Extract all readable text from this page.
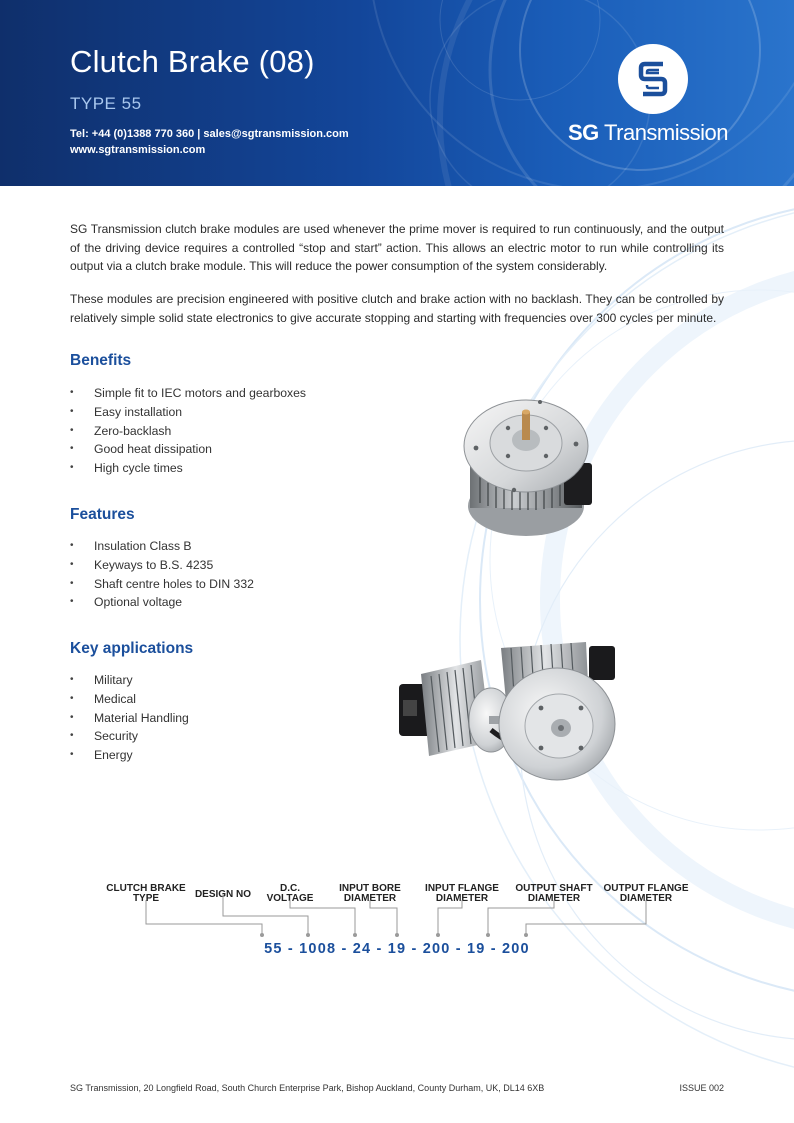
Clutch Brake (08)
TYPE 55
Tel: +44 (0)1388 770 360 | sales@sgtransmission.com
www.sgtransmission.com
SG Transmission

SG Transmission clutch brake modules are used whenever the prime mover is required to run continuously, and the output of the driving device requires a controlled “stop and start” action. This allows an electric motor to run while controlling its output via a clutch brake module. This will reduce the power consumption of the system considerably.

These modules are precision engineered with positive clutch and brake action with no backlash. They can be controlled by relatively simple solid state electronics to give accurate stopping and starting with frequencies over 300 cycles per minute.

Benefits
• Simple fit to IEC motors and gearboxes
• Easy installation
• Zero-backlash
• Good heat dissipation
• High cycle times
Features
• Insulation Class B
• Keyways to B.S. 4235
• Shaft centre holes to DIN 332
• Optional voltage
Key applications
• Military
• Medical
• Material Handling
• Security
• Energy
CLUTCH BRAKE
TYPE	DESIGN NO
D.C.
VOLTAGE
INPUT BORE
DIAMETER
INPUT FLANGE
DIAMETER
OUTPUT SHAFT
DIAMETER
OUTPUT FLANGE
DIAMETER
55 - 1008 - 24 - 19 - 200 - 19 - 200
SG Transmission, 20 Longfield Road, South Church Enterprise Park, Bishop Auckland, County Durham, UK, DL14 6XB	ISSUE 002
